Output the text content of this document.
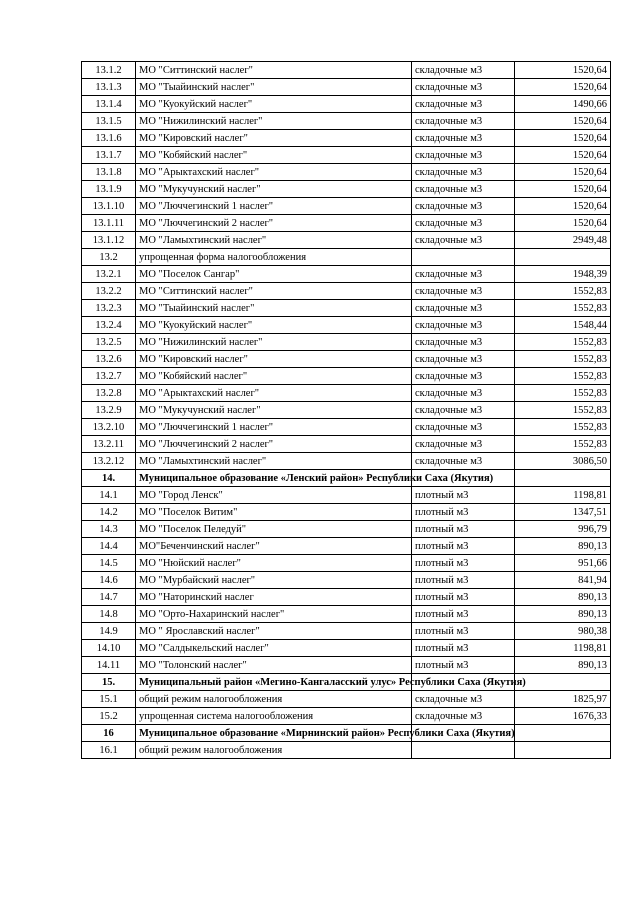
13.1.2	МО "Ситтинский наслег"	складочные м3	1520,64
13.1.3	МО "Тыайинский наслег"	складочные м3	1520,64
13.1.4	МО "Куокуйский наслег"	складочные м3	1490,66
13.1.5	МО "Нижилинский наслег"	складочные м3	1520,64
13.1.6	МО "Кировский наслег"	складочные м3	1520,64
13.1.7	МО "Кобяйский наслег"	складочные м3	1520,64
13.1.8	МО "Арыктахский наслег"	складочные м3	1520,64
13.1.9	МО "Мукучунский наслег"	складочные м3	1520,64
13.1.10	МО "Люччегинский 1 наслег"	складочные м3	1520,64
13.1.11	МО "Люччегинский 2 наслег"	складочные м3	1520,64
13.1.12	МО "Ламыхтинский наслег"	складочные м3	2949,48
13.2	упрощенная форма налогообложения		
13.2.1	МО "Поселок Сангар"	складочные м3	1948,39
13.2.2	МО "Ситтинский наслег"	складочные м3	1552,83
13.2.3	МО "Тыайинский наслег"	складочные м3	1552,83
13.2.4	МО "Куокуйский наслег"	складочные м3	1548,44
13.2.5	МО "Нижилинский наслег"	складочные м3	1552,83
13.2.6	МО "Кировский наслег"	складочные м3	1552,83
13.2.7	МО "Кобяйский наслег"	складочные м3	1552,83
13.2.8	МО "Арыктахский наслег"	складочные м3	1552,83
13.2.9	МО "Мукучунский наслег"	складочные м3	1552,83
13.2.10	МО "Люччегинский 1 наслег"	складочные м3	1552,83
13.2.11	МО "Люччегинский 2 наслег"	складочные м3	1552,83
13.2.12	МО "Ламыхтинский наслег"	складочные м3	3086,50
14.	Муниципальное образование «Ленский район» Республики Саха (Якутия)		
14.1	МО "Город Ленск"	плотный м3	1198,81
14.2	МО "Поселок Витим"	плотный м3	1347,51
14.3	МО "Поселок Пеледуй"	плотный м3	996,79
14.4	МО"Беченчинский наслег"	плотный м3	890,13
14.5	МО "Нюйский наслег"	плотный м3	951,66
14.6	МО "Мурбайский наслег"	плотный м3	841,94
14.7	МО "Наторинский наслег	плотный м3	890,13
14.8	МО "Орто-Нахаринский наслег"	плотный м3	890,13
14.9	МО " Ярославский наслег"	плотный м3	980,38
14.10	МО "Салдыкельский наслег"	плотный м3	1198,81
14.11	МО "Толонский наслег"	плотный м3	890,13
15.	Муниципальный район «Мегино-Кангаласский улус» Республики Саха (Якутия)		
15.1	общий режим налогообложения	складочные м3	1825,97
15.2	упрощенная система налогообложения	складочные м3	1676,33
16	Муниципальное образование «Мирнинский район» Республики Саха (Якутия)		
16.1	общий режим налогообложения		
